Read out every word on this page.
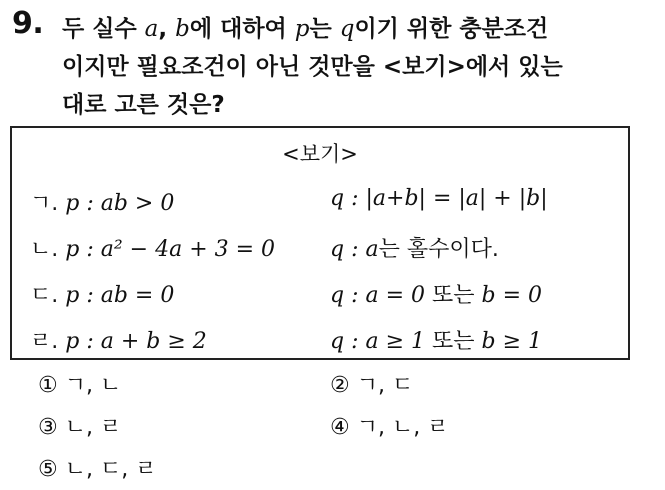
9. 두 실수 a, b에 대하여 p는 q이기 위한 충분조건
이지만 필요조건이 아닌 것만을 <보기>에서 있는
대로 고른 것은?
<보기>
ㄱ. p : ab > 0	q : |a+b| = |a| + |b|
ㄴ. p : a² − 4a + 3 = 0 q : a는 홀수이다.
ㄷ. p : ab = 0	q : a = 0 또는 b = 0
ㄹ. p : a + b ≥ 2	q : a ≥ 1 또는 b ≥ 1
① ㄱ, ㄴ	② ㄱ, ㄷ
③ ㄴ, ㄹ	④ ㄱ, ㄴ, ㄹ
⑤ ㄴ, ㄷ, ㄹ
